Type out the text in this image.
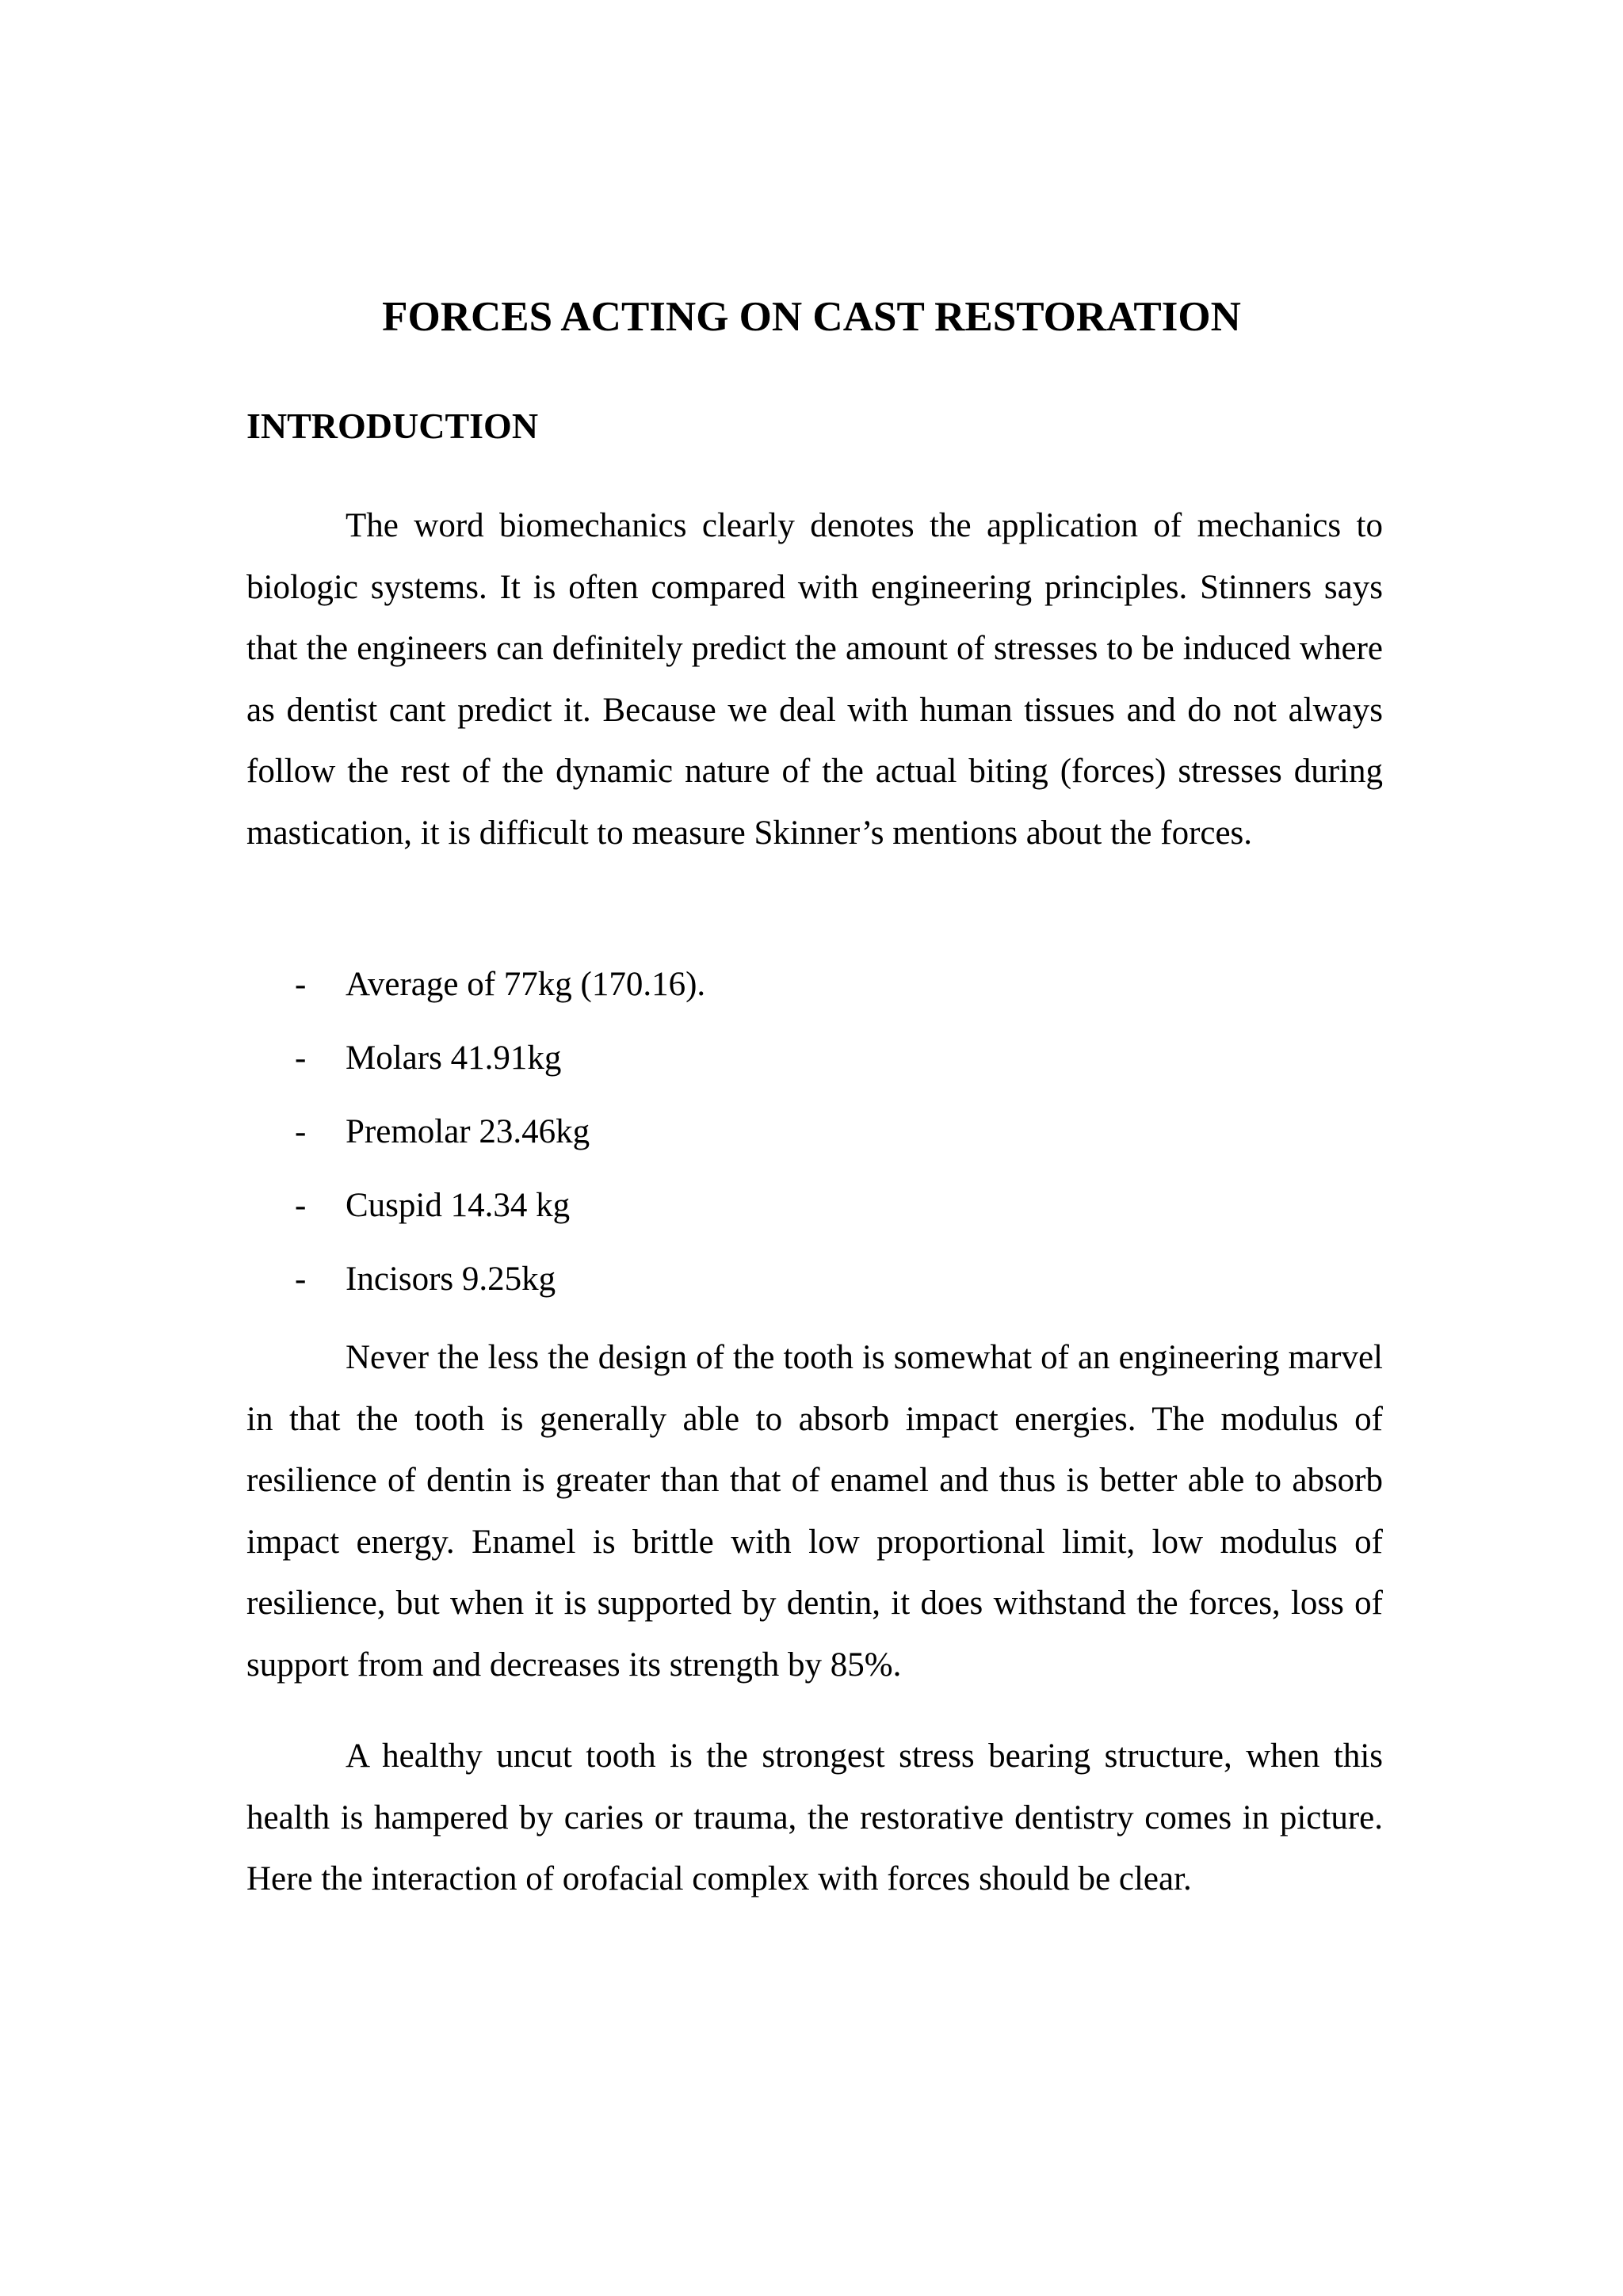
FORCES ACTING ON CAST RESTORATION
INTRODUCTION

The word biomechanics clearly denotes the application of mechanics to biologic systems. It is often compared with engineering principles. Stinners says that the engineers can definitely predict the amount of stresses to be induced where as dentist cant predict it. Because we deal with human tissues and do not always follow the rest of the dynamic nature of the actual biting (forces) stresses during mastication, it is difficult to measure Skinner’s mentions about the forces.

- Average of 77kg (170.16).
- Molars 41.91kg
- Premolar 23.46kg
- Cuspid 14.34 kg
- Incisors 9.25kg

Never the less the design of the tooth is somewhat of an engineering marvel in that the tooth is generally able to absorb impact energies. The modulus of resilience of dentin is greater than that of enamel and thus is better able to absorb impact energy. Enamel is brittle with low proportional limit, low modulus of resilience, but when it is supported by dentin, it does withstand the forces, loss of support from and decreases its strength by 85%.

A healthy uncut tooth is the strongest stress bearing structure, when this health is hampered by caries or trauma, the restorative dentistry comes in picture. Here the interaction of orofacial complex with forces should be clear.
